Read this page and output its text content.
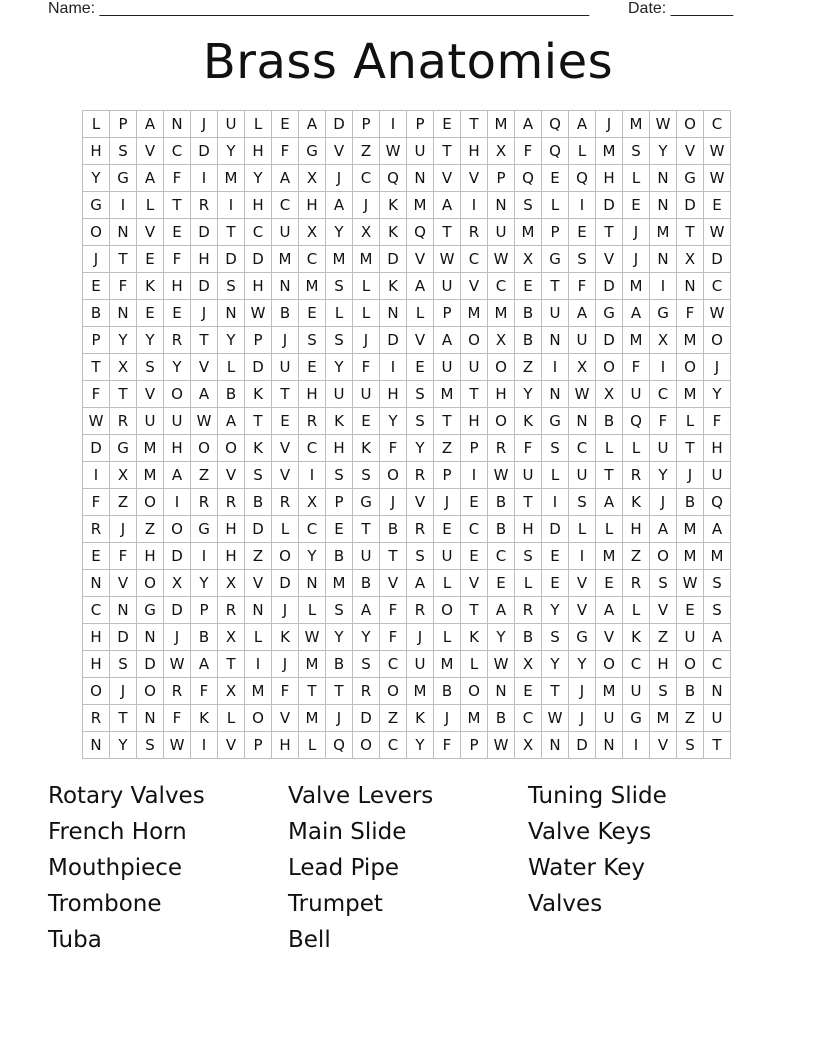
Name: _______________________________________________________ Date: _______
Brass Anatomies
L	P	A	N	J	U	L	E	A	D	P	I	P	E	T	M	A	Q	A	J	M W O	C
H	S	V	C	D	Y	H	F	G	V	Z W U	T	H	X	F	Q	L	M	S	Y	V W
Y	G	A	F	I	M	Y	A	X	J	C	Q	N	V	V	P	Q	E	Q	H	L	N	G W
G	I	L	T	R	I	H	C	H	A	J	K	M	A	I	N	S	L	I	D	E	N	D	E
O	N	V	E	D	T	C	U	X	Y	X	K	Q	T	R	U	M	P	E	T	J	M	T	W
J	T	E	F	H	D	D M	C	M M D	V W C W X	G	S	V	J	N	X	D
E	F	K	H	D	S	H	N M	S	L	K	A	U	V	C	E	T	F	D M	I	N	C
B	N	E	E	J	N W B	E	L	L	N	L	P	M M	B	U	A	G	A	G	F	W
P	Y	Y	R	T	Y	P	J	S	S	J	D	V	A	O	X	B	N	U	D M	X	M O
T	X	S	Y	V	L	D	U	E	Y	F	I	E	U	U	O	Z	I	X	O	F	I	O	J
F	T	V	O	A	B	K	T	H	U	U	H	S	M	T	H	Y	N W X	U	C	M	Y
W R	U	U W A	T	E	R	K	E	Y	S	T	H	O	K	G	N	B	Q	F	L	F
D	G M H	O	O	K	V	C	H	K	F	Y	Z	P	R	F	S	C	L	L	U	T	H
I	X	M	A	Z	V	S	V	I	S	S	O	R	P	I	W U	L	U	T	R	Y	J	U
F	Z	O	I	R	R	B	R	X	P	G	J	V	J	E	B	T	I	S	A	K	J	B	Q
R	J	Z	O	G	H	D	L	C	E	T	B	R	E	C	B	H	D	L	L	H	A	M	A
E	F	H	D	I	H	Z	O	Y	B	U	T	S	U	E	C	S	E	I	M	Z	O M M
N	V	O	X	Y	X	V	D	N M	B	V	A	L	V	E	L	E	V	E	R	S W S
C	N	G	D	P	R	N	J	L	S	A	F	R	O	T	A	R	Y	V	A	L	V	E	S
H	D	N	J	B	X	L	K W Y	Y	F	J	L	K	Y	B	S	G	V	K	Z	U	A
H	S	D W A	T	I	J	M	B	S	C	U	M	L	W X	Y	Y	O	C	H	O	C
O	J	O	R	F	X	M	F	T	T	R	O M	B	O	N	E	T	J	M	U	S	B	N
R	T	N	F	K	L	O	V	M	J	D	Z	K	J	M	B	C W	J	U	G M	Z	U
N	Y	S W	I	V	P	H	L	Q	O	C	Y	F	P	W X	N	D	N	I	V	S	T
Rotary Valves	Valve Levers	Tuning Slide
French Horn	Main Slide	Valve Keys
Mouthpiece	Lead Pipe	Water Key
Trombone	Trumpet	Valves
Tuba	Bell
